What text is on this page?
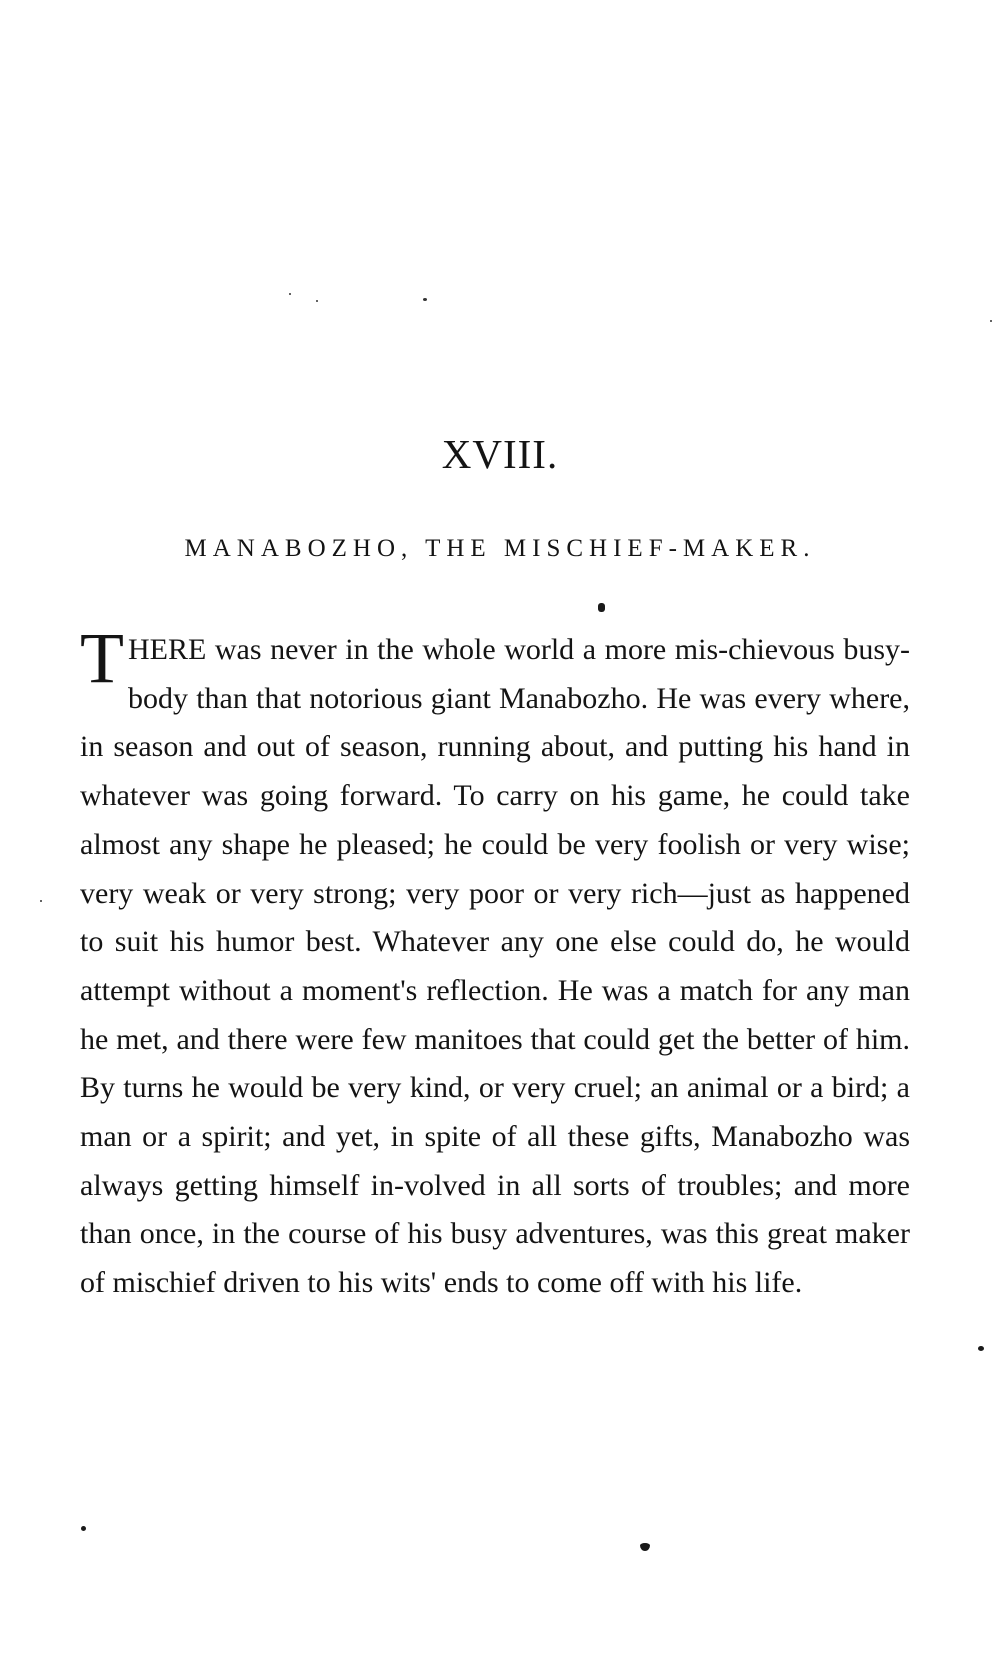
XVIII.
MANABOZHO, THE MISCHIEF-MAKER.

THERE was never in the whole world a more mis-chievous busy-body than that notorious giant Manabozho. He was every where, in season and out of season, running about, and putting his hand in whatever was going forward. To carry on his game, he could take almost any shape he pleased; he could be very foolish or very wise; very weak or very strong; very poor or very rich—just as happened to suit his humor best. Whatever any one else could do, he would attempt without a moment's reflection. He was a match for any man he met, and there were few manitoes that could get the better of him. By turns he would be very kind, or very cruel; an animal or a bird; a man or a spirit; and yet, in spite of all these gifts, Manabozho was always getting himself in-volved in all sorts of troubles; and more than once, in the course of his busy adventures, was this great maker of mischief driven to his wits' ends to come off with his life.
